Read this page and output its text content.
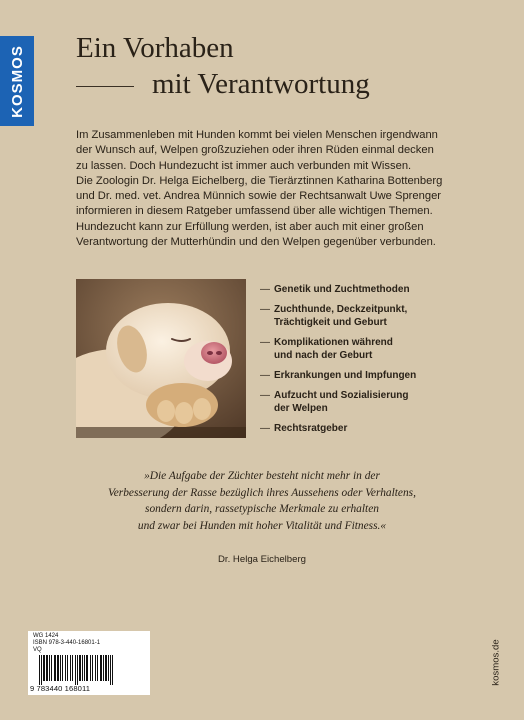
KOSMOS Ein Vorhaben
mit Verantwortung
Im Zusammenleben mit Hunden kommt bei vielen Menschen irgendwann
der Wunsch auf, Welpen großzuziehen oder ihren Rüden einmal decken
zu lassen. Doch Hundezucht ist immer auch verbunden mit Wissen.
Die Zoologin Dr. Helga Eichelberg, die Tierärztinnen Katharina Bottenberg
und Dr. med. vet. Andrea Münnich sowie der Rechtsanwalt Uwe Sprenger
informieren in diesem Ratgeber umfassend über alle wichtigen Themen.
Hundezucht kann zur Erfüllung werden, ist aber auch mit einer großen
Verantwortung der Mutterhündin und den Welpen gegenüber verbunden.
— Genetik und Zuchtmethoden
— Zuchthunde, Deckzeitpunkt,
Trächtigkeit und Geburt
— Komplikationen während
und nach der Geburt
— Erkrankungen und Impfungen
— Aufzucht und Sozialisierung
der Welpen
— Rechtsratgeber
»Die Aufgabe der Züchter besteht nicht mehr in der
Verbesserung der Rasse bezüglich ihres Aussehens oder Verhaltens,
sondern darin, rassetypische Merkmale zu erhalten
und zwar bei Hunden mit hoher Vitalität und Fitness.«
Dr. Helga Eichelberg
WG 1424
ISBN 978-3-440-16801-1
VQ
9 783440 168011
kosmos.de
